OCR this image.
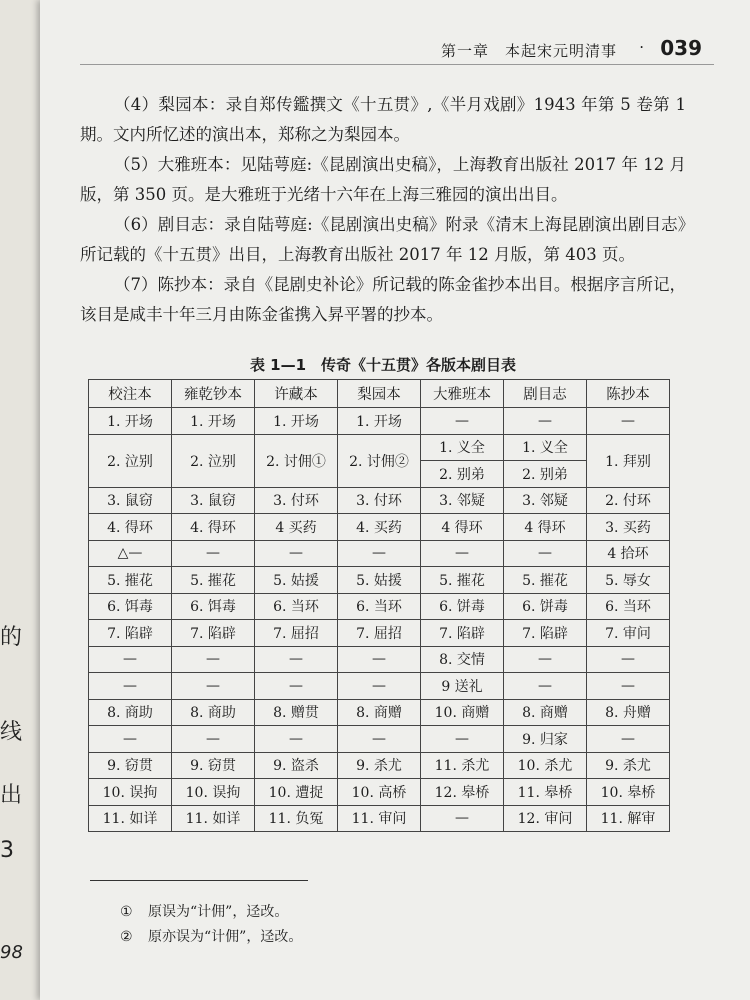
的
线
出
3
98
第一章　本起宋元明清事 · 039

（4）梨园本：录自郑传鑑撰文《十五贯》,《半月戏剧》1943 年第 5 卷第 1 期。文内所忆述的演出本，郑称之为梨园本。

（5）大雅班本：见陆萼庭:《昆剧演出史稿》，上海教育出版社 2017 年 12 月版，第 350 页。是大雅班于光绪十六年在上海三雅园的演出出目。

（6）剧目志：录自陆萼庭:《昆剧演出史稿》附录《清末上海昆剧演出剧目志》所记载的《十五贯》出目，上海教育出版社 2017 年 12 月版，第 403 页。

（7）陈抄本：录自《昆剧史补论》所记载的陈金雀抄本出目。根据序言所记，该目是咸丰十年三月由陈金雀携入昇平署的抄本。

表 1—1　传奇《十五贯》各版本剧目表
校注本	雍乾钞本	许藏本	梨园本	大雅班本	剧目志	陈抄本
1. 开场	1. 开场	1. 开场	1. 开场	—	—	—
2. 泣别	2. 泣别	2. 讨佣①	2. 讨佣②	1. 义全	1. 义全	1. 拜别
				2. 别弟	2. 别弟	
3. 鼠窃	3. 鼠窃	3. 付环	3. 付环	3. 邻疑	3. 邻疑	2. 付环
4. 得环	4. 得环	4 买药	4. 买药	4 得环	4 得环	3. 买药
△—	—	—	—	—	—	4 拾环
5. 摧花	5. 摧花	5. 姑援	5. 姑援	5. 摧花	5. 摧花	5. 辱女
6. 饵毒	6. 饵毒	6. 当环	6. 当环	6. 饼毒	6. 饼毒	6. 当环
7. 陷辟	7. 陷辟	7. 屈招	7. 屈招	7. 陷辟	7. 陷辟	7. 审问
—	—	—	—	8. 交情	—	—
—	—	—	—	9 送礼	—	—
8. 商助	8. 商助	8. 赠贯	8. 商赠	10. 商赠	8. 商赠	8. 舟赠
—	—	—	—	—	9. 归家	—
9. 窃贯	9. 窃贯	9. 盗杀	9. 杀尤	11. 杀尤	10. 杀尤	9. 杀尤
10. 误拘	10. 误拘	10. 遭捉	10. 高桥	12. 皋桥	11. 皋桥	10. 皋桥
11. 如详	11. 如详	11. 负冤	11. 审问	—	12. 审问	11. 解审
① 原误为“计佣”，迳改。
② 原亦误为“计佣”，迳改。
